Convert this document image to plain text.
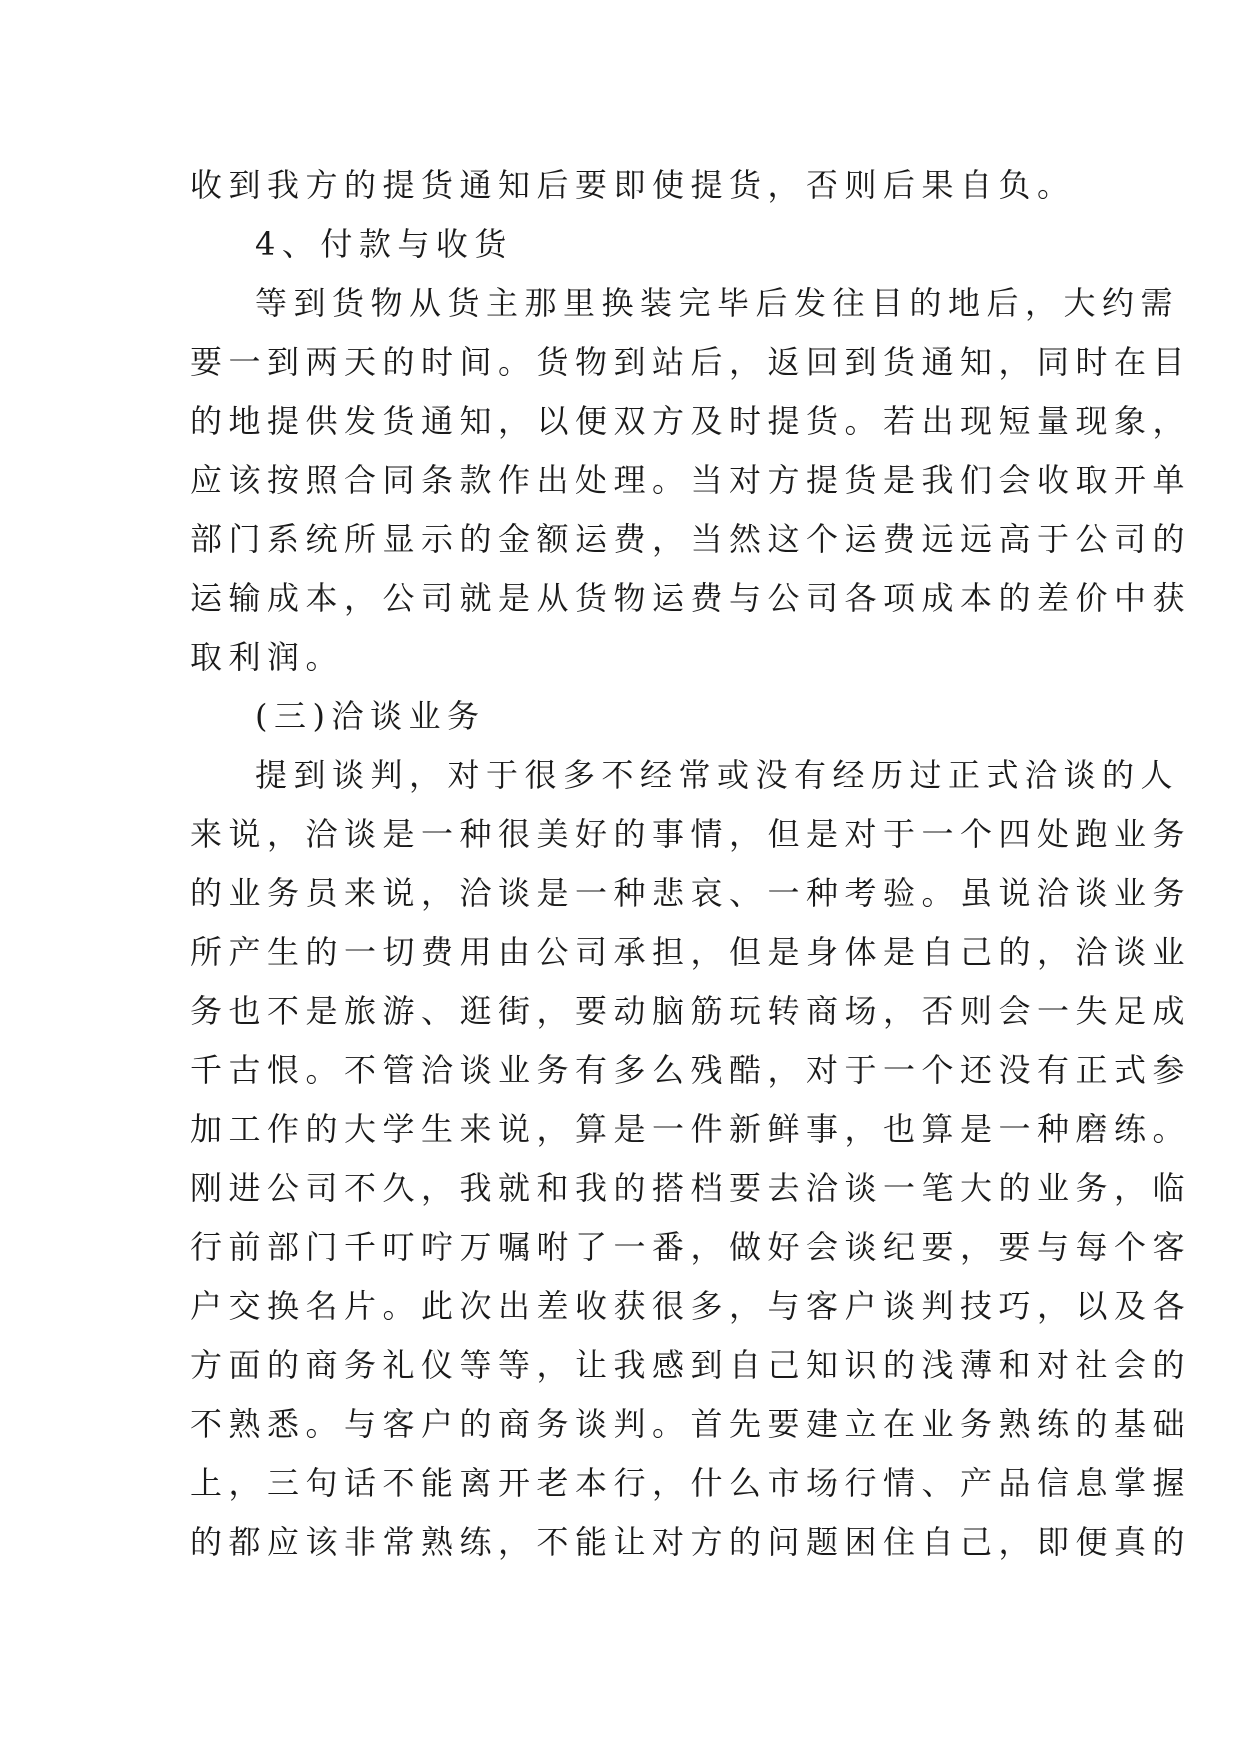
收到我方的提货通知后要即使提货，否则后果自负。
4、付款与收货
等到货物从货主那里换装完毕后发往目的地后，大约需
要一到两天的时间。货物到站后，返回到货通知，同时在目
的地提供发货通知，以便双方及时提货。若出现短量现象，
应该按照合同条款作出处理。当对方提货是我们会收取开单
部门系统所显示的金额运费，当然这个运费远远高于公司的
运输成本，公司就是从货物运费与公司各项成本的差价中获
取利润。
(三)洽谈业务
提到谈判，对于很多不经常或没有经历过正式洽谈的人
来说，洽谈是一种很美好的事情，但是对于一个四处跑业务
的业务员来说，洽谈是一种悲哀、一种考验。虽说洽谈业务
所产生的一切费用由公司承担，但是身体是自己的，洽谈业
务也不是旅游、逛街，要动脑筋玩转商场，否则会一失足成
千古恨。不管洽谈业务有多么残酷，对于一个还没有正式参
加工作的大学生来说，算是一件新鲜事，也算是一种磨练。
刚进公司不久，我就和我的搭档要去洽谈一笔大的业务，临
行前部门千叮咛万嘱咐了一番，做好会谈纪要，要与每个客
户交换名片。此次出差收获很多，与客户谈判技巧，以及各
方面的商务礼仪等等，让我感到自己知识的浅薄和对社会的
不熟悉。与客户的商务谈判。首先要建立在业务熟练的基础
上，三句话不能离开老本行，什么市场行情、产品信息掌握
的都应该非常熟练，不能让对方的问题困住自己，即便真的
